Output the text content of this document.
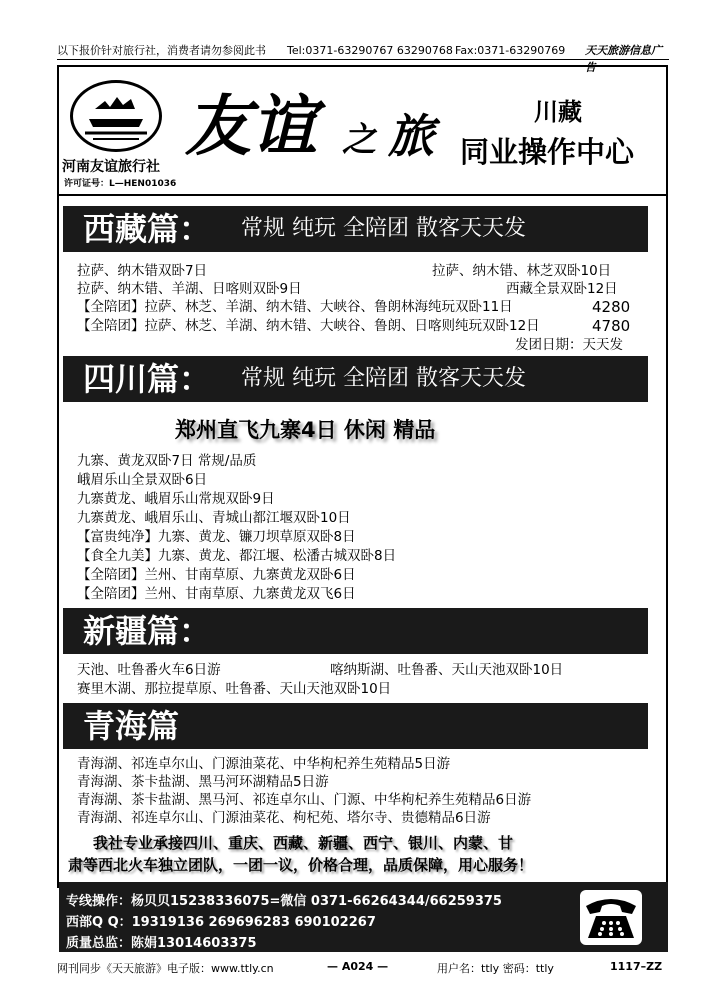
以下报价针对旅行社，消费者请勿参阅此书 Tel:0371-63290767 63290768 Fax:0371-63290769 天天旅游信息广告
河南友谊旅行社
许可证号：L—HEN01036
友谊 之 旅	川藏
同业操作中心
西藏篇： 常规 纯玩 全陪团 散客天天发
拉萨、纳木错双卧7日	拉萨、纳木错、林芝双卧10日
拉萨、纳木错、羊湖、日喀则双卧9日	西藏全景双卧12日
【全陪团】拉萨、林芝、羊湖、纳木错、大峡谷、鲁朗林海纯玩双卧11日	4280
【全陪团】拉萨、林芝、羊湖、纳木错、大峡谷、鲁朗、日喀则纯玩双卧12日	4780
发团日期：天天发
四川篇： 常规 纯玩 全陪团 散客天天发
郑州直飞九寨4日 休闲 精品
九寨、黄龙双卧7日 常规/品质
峨眉乐山全景双卧6日
九寨黄龙、峨眉乐山常规双卧9日
九寨黄龙、峨眉乐山、青城山都江堰双卧10日
【富贵纯净】九寨、黄龙、镰刀坝草原双卧8日
【食全九美】九寨、黄龙、都江堰、松潘古城双卧8日
【全陪团】兰州、甘南草原、九寨黄龙双卧6日
【全陪团】兰州、甘南草原、九寨黄龙双飞6日
新疆篇：
天池、吐鲁番火车6日游	喀纳斯湖、吐鲁番、天山天池双卧10日
赛里木湖、那拉提草原、吐鲁番、天山天池双卧10日
青海篇
青海湖、祁连卓尔山、门源油菜花、中华枸杞养生苑精品5日游
青海湖、茶卡盐湖、黑马河环湖精品5日游
青海湖、茶卡盐湖、黑马河、祁连卓尔山、门源、中华枸杞养生苑精品6日游
青海湖、祁连卓尔山、门源油菜花、枸杞苑、塔尔寺、贵德精品6日游
我社专业承接四川、重庆、西藏、新疆、西宁、银川、内蒙、甘
肃等西北火车独立团队，一团一议，价格合理，品质保障，用心服务！
专线操作：杨贝贝15238336075=微信 0371-66264344/66259375
西部Q Q：19319136 269696283 690102267
质量总监：陈娟13014603375
网刊同步《天天旅游》电子版：www.ttly.cn	— A024 —	用户名：ttly 密码：ttly	1117–ZZ
